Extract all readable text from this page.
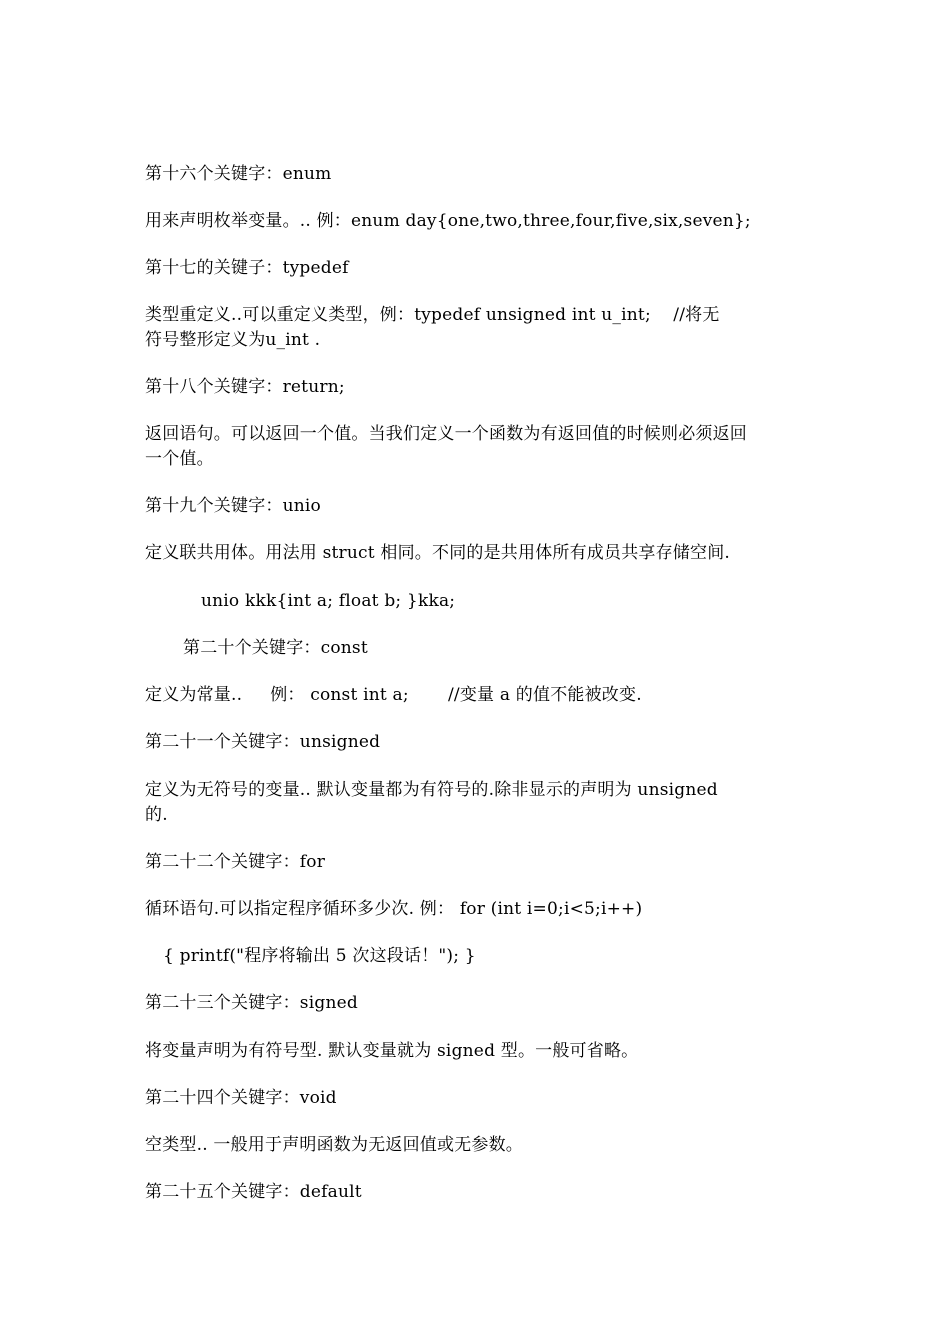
第十六个关键字：enum
用来声明枚举变量。.. 例：enum day{one,two,three,four,five,six,seven};
第十七的关键子：typedef
类型重定义..可以重定义类型，例：typedef unsigned int u_int;    //将无
符号整形定义为u_int .
第十八个关键字：return;
返回语句。可以返回一个值。当我们定义一个函数为有返回值的时候则必须返回
一个值。
第十九个关键字：unio
定义联共用体。用法用 struct 相同。不同的是共用体所有成员共享存储空间.
unio kkk{int a; float b; }kka;
第二十个关键字：const
定义为常量..     例： const int a;       //变量 a 的值不能被改变.
第二十一个关键字：unsigned
定义为无符号的变量.. 默认变量都为有符号的.除非显示的声明为 unsigned
的.
第二十二个关键字：for
循环语句.可以指定程序循环多少次. 例： for (int i=0;i<5;i++)
{ printf("程序将输出 5 次这段话！"); }
第二十三个关键字：signed
将变量声明为有符号型. 默认变量就为 signed 型。一般可省略。
第二十四个关键字：void
空类型.. 一般用于声明函数为无返回值或无参数。
第二十五个关键字：default
